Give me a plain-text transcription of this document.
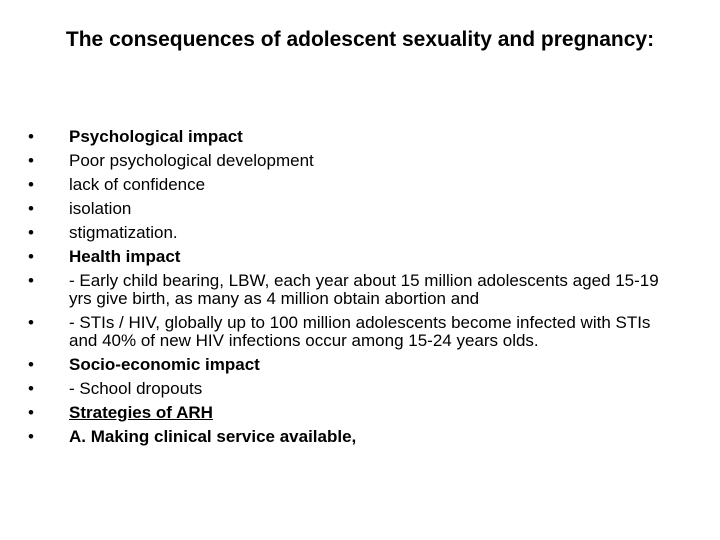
The consequences of adolescent sexuality and pregnancy:
•	Psychological impact
•	Poor psychological development
•	lack of confidence
•	isolation
•	stigmatization.
•	Health impact
•	- Early child bearing, LBW, each year about 15 million adolescents aged 15-19 yrs give birth, as many as 4 million obtain abortion and
•	- STIs / HIV, globally up to 100 million adolescents become infected with STIs and 40% of new HIV infections occur among 15-24 years olds.
•	Socio-economic impact
•	- School dropouts
•	Strategies of ARH
•	A. Making clinical service available,
